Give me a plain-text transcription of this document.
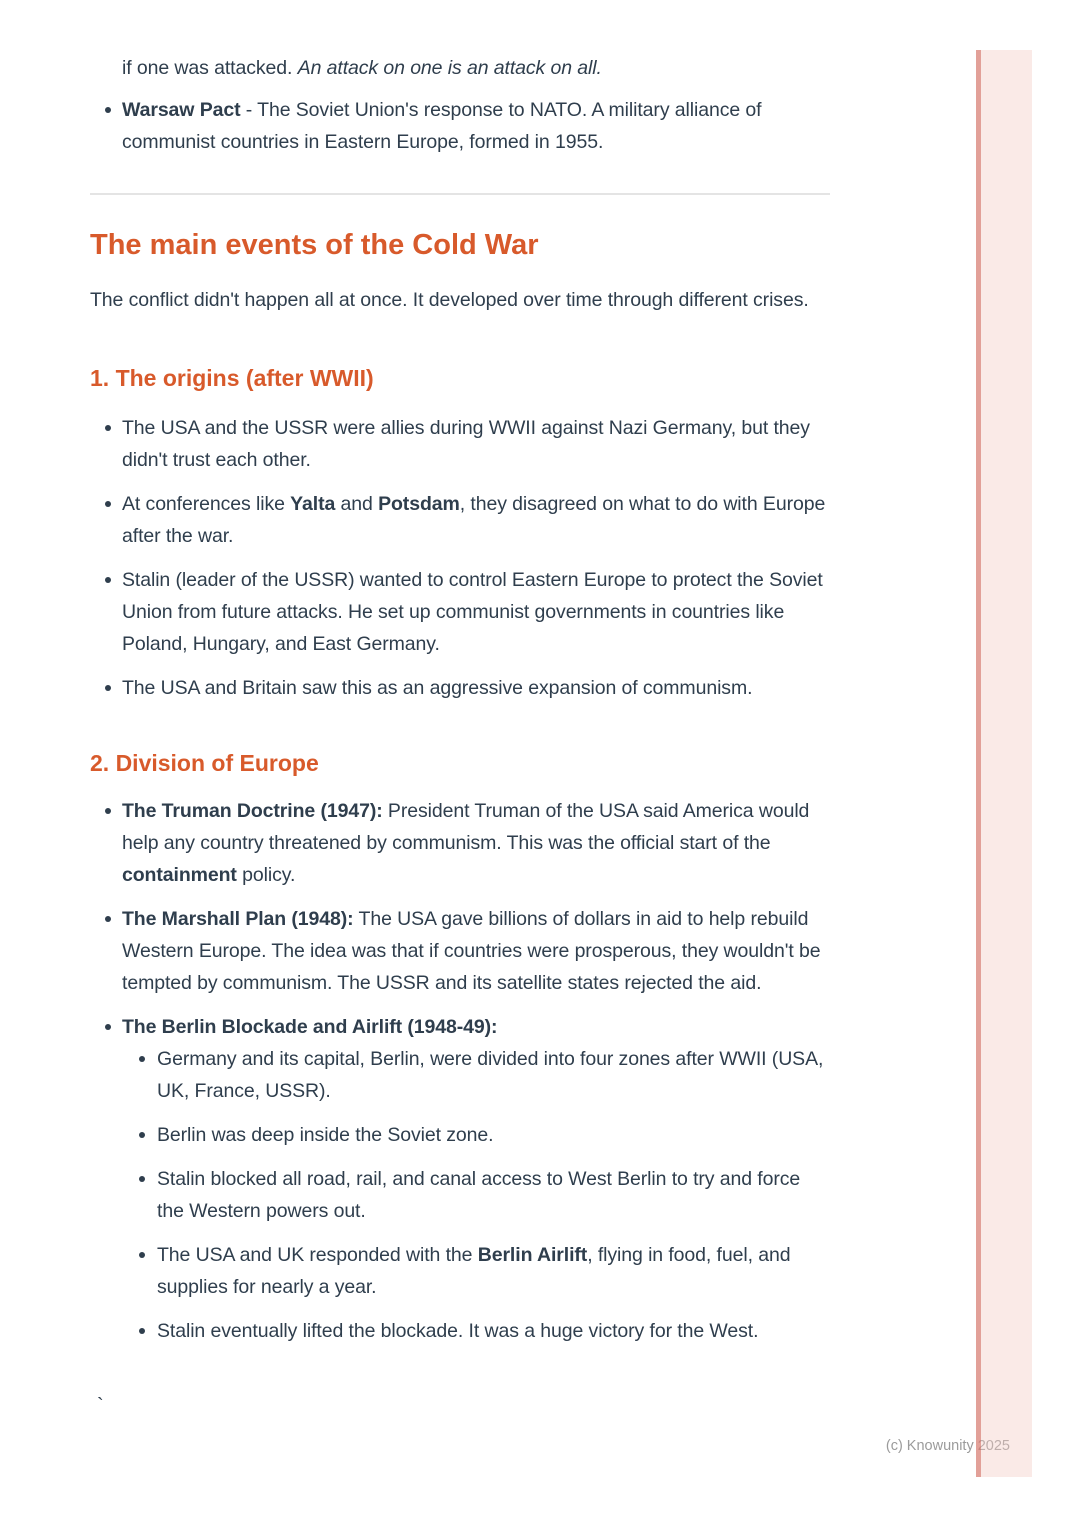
if one was attacked. An attack on one is an attack on all.
Warsaw Pact - The Soviet Union's response to NATO. A military alliance of communist countries in Eastern Europe, formed in 1955.
The main events of the Cold War

The conflict didn't happen all at once. It developed over time through different crises.

1. The origins (after WWII)
The USA and the USSR were allies during WWII against Nazi Germany, but they didn't trust each other.
At conferences like Yalta and Potsdam, they disagreed on what to do with Europe after the war.
Stalin (leader of the USSR) wanted to control Eastern Europe to protect the Soviet Union from future attacks. He set up communist governments in countries like Poland, Hungary, and East Germany.
The USA and Britain saw this as an aggressive expansion of communism.
2. Division of Europe
The Truman Doctrine (1947): President Truman of the USA said America would help any country threatened by communism. This was the official start of the containment policy.
The Marshall Plan (1948): The USA gave billions of dollars in aid to help rebuild Western Europe. The idea was that if countries were prosperous, they wouldn't be tempted by communism. The USSR and its satellite states rejected the aid.
The Berlin Blockade and Airlift (1948-49):
Germany and its capital, Berlin, were divided into four zones after WWII (USA, UK, France, USSR).
Berlin was deep inside the Soviet zone.
Stalin blocked all road, rail, and canal access to West Berlin to try and force the Western powers out.
The USA and UK responded with the Berlin Airlift, flying in food, fuel, and supplies for nearly a year.
Stalin eventually lifted the blockade. It was a huge victory for the West.
`
(c) Knowunity 2025
